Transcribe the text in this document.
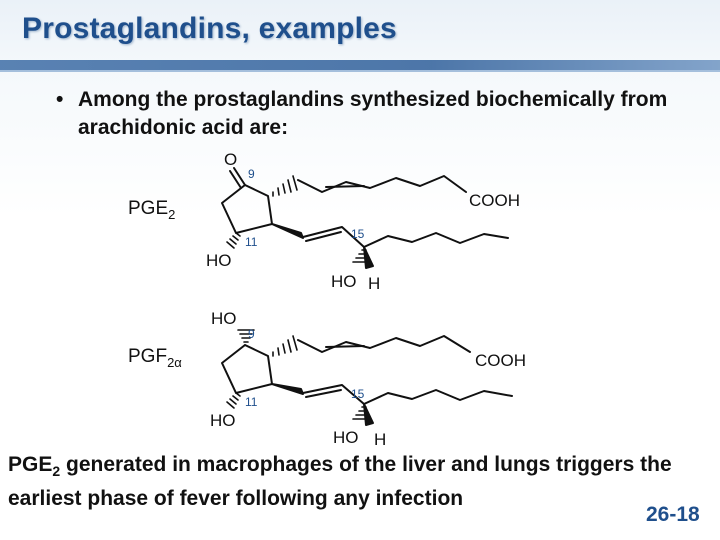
Prostaglandins, examples
• Among the prostaglandins synthesized biochemically from arachidonic acid are:
$PGE_2$
O
9
COOH
11
HO
15
HO H
$PGF_{2\alpha}$
HO
9
COOH
11
HO
15
HO H
$PGE_2$ generated in macrophages of the liver and lungs triggers the earliest phase of fever following any infection
26-18
